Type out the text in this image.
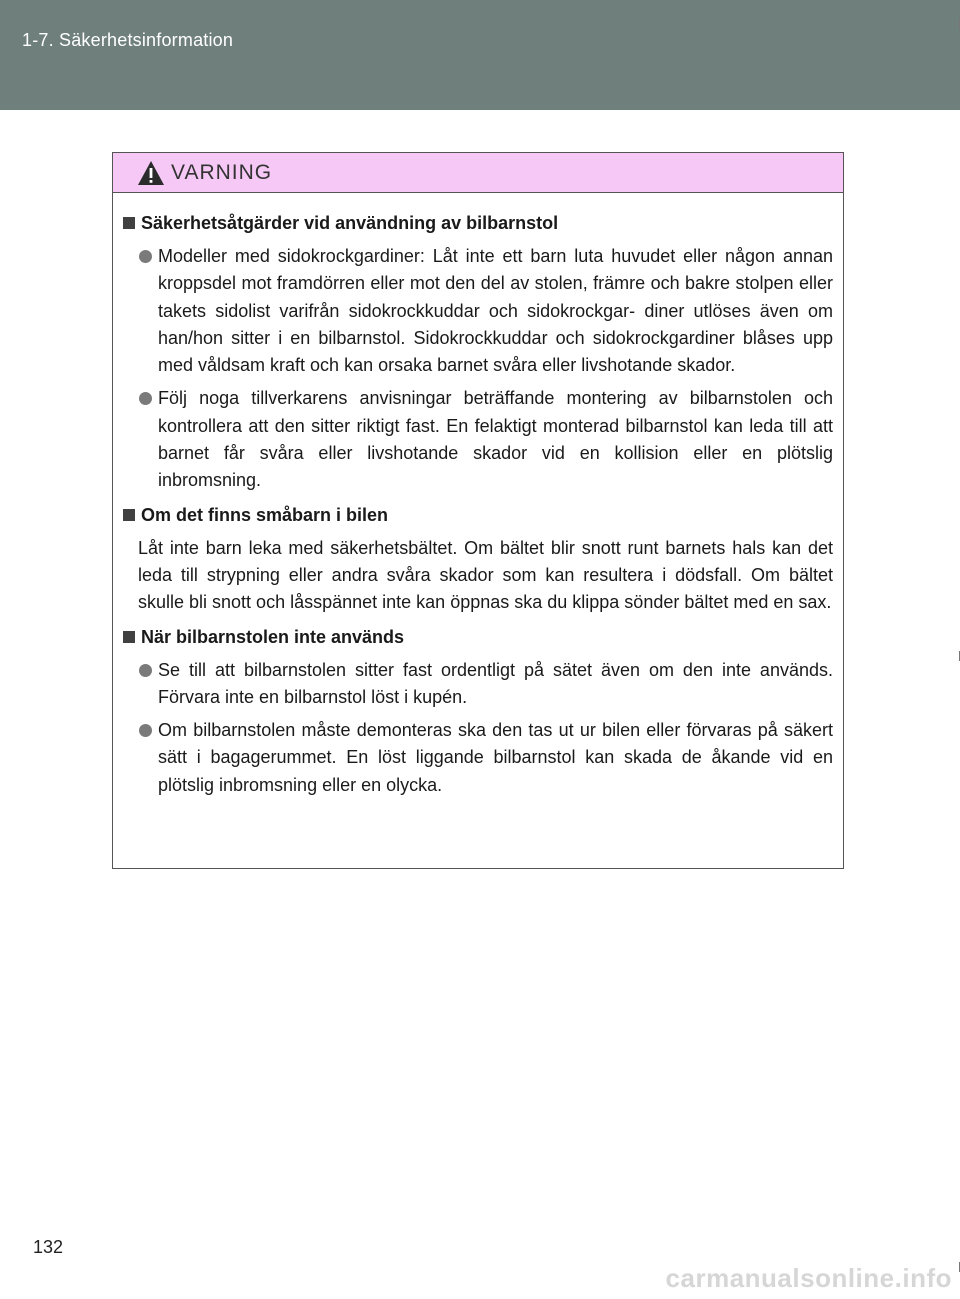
1-7. Säkerhetsinformation
VARNING
Säkerhetsåtgärder vid användning av bilbarnstol
Modeller med sidokrockgardiner: Låt inte ett barn luta huvudet eller någon annan kroppsdel mot framdörren eller mot den del av stolen, främre och bakre stolpen eller takets sidolist varifrån sidokrockkuddar och sidokrockgar- diner utlöses även om han/hon sitter i en bilbarnstol. Sidokrockkuddar och sidokrockgardiner blåses upp med våldsam kraft och kan orsaka barnet svåra eller livshotande skador.
Följ noga tillverkarens anvisningar beträffande montering av bilbarnstolen och kontrollera att den sitter riktigt fast. En felaktigt monterad bilbarnstol kan leda till att barnet får svåra eller livshotande skador vid en kollision eller en plötslig inbromsning.
Om det finns småbarn i bilen
Låt inte barn leka med säkerhetsbältet. Om bältet blir snott runt barnets hals kan det leda till strypning eller andra svåra skador som kan resultera i dödsfall. Om bältet skulle bli snott och låsspännet inte kan öppnas ska du klippa sönder bältet med en sax.
När bilbarnstolen inte används
Se till att bilbarnstolen sitter fast ordentligt på sätet även om den inte används. Förvara inte en bilbarnstol löst i kupén.
Om bilbarnstolen måste demonteras ska den tas ut ur bilen eller förvaras på säkert sätt i bagagerummet. En löst liggande bilbarnstol kan skada de åkande vid en plötslig inbromsning eller en olycka.
132
carmanualsonline.info
